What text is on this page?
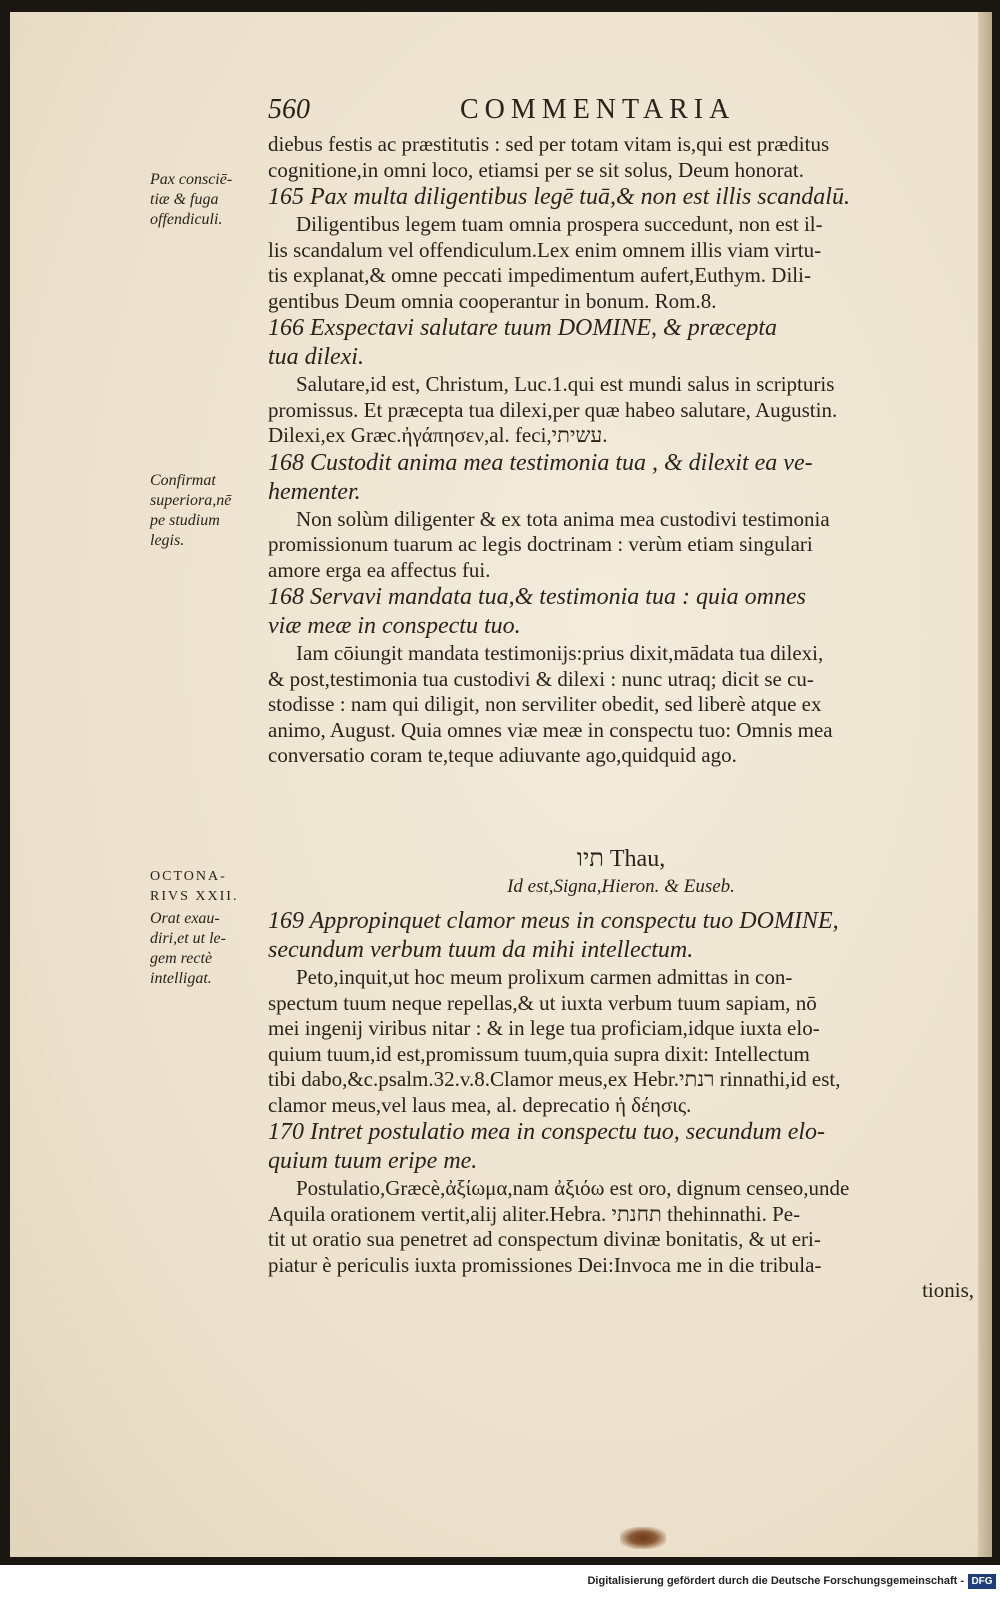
560	COMMENTARIA
Pax consciē-
tiæ & fuga
offendiculi.
Confirmat
superiora,nē
pe studium
legis.
OCTONA-
RIVS XXII.
Orat exau-
diri,et ut le-
gem rectè
intelligat.
diebus festis ac præstitutis : sed per totam vitam is,qui est præditus
cognitione,in omni loco, etiamsi per se sit solus, Deum honorat.
165 Pax multa diligentibus legē tuā,& non est illis scandalū.
Diligentibus legem tuam omnia prospera succedunt, non est il-
lis scandalum vel offendiculum.Lex enim omnem illis viam virtu-
tis explanat,& omne peccati impedimentum aufert,Euthym. Dili-
gentibus Deum omnia cooperantur in bonum. Rom.8.
166 Exspectavi salutare tuum DOMINE, & præcepta
tua dilexi.
Salutare,id est, Christum, Luc.1.qui est mundi salus in scripturis
promissus. Et præcepta tua dilexi,per quæ habeo salutare, Augustin.
Dilexi,ex Græc.ἠγάπησεν,al. feci,עשיתי.
168 Custodit anima mea testimonia tua , & dilexit ea ve-
hementer.
Non solùm diligenter & ex tota anima mea custodivi testimonia
promissionum tuarum ac legis doctrinam : verùm etiam singulari
amore erga ea affectus fui.
168 Servavi mandata tua,& testimonia tua : quia omnes
viæ meæ in conspectu tuo.
Iam cōiungit mandata testimonijs:prius dixit,mādata tua dilexi,
& post,testimonia tua custodivi & dilexi : nunc utraq; dicit se cu-
stodisse : nam qui diligit, non serviliter obedit, sed liberè atque ex
animo, August. Quia omnes viæ meæ in conspectu tuo: Omnis mea
conversatio coram te,teque adiuvante ago,quidquid ago.
תיו Thau,
Id est,Signa,Hieron. & Euseb.
169 Appropinquet clamor meus in conspectu tuo DOMINE,
secundum verbum tuum da mihi intellectum.
Peto,inquit,ut hoc meum prolixum carmen admittas in con-
spectum tuum neque repellas,& ut iuxta verbum tuum sapiam, nō
mei ingenij viribus nitar : & in lege tua proficiam,idque iuxta elo-
quium tuum,id est,promissum tuum,quia supra dixit: Intellectum
tibi dabo,&c.psalm.32.v.8.Clamor meus,ex Hebr.רנתי rinnathi,id est,
clamor meus,vel laus mea, al. deprecatio ἡ δέησις.
170 Intret postulatio mea in conspectu tuo, secundum elo-
quium tuum eripe me.
Postulatio,Græcè,ἀξίωμα,nam ἀξιόω est oro, dignum censeo,unde
Aquila orationem vertit,alij aliter.Hebra. תחנתי thehinnathi. Pe-
tit ut oratio sua penetret ad conspectum divinæ bonitatis, & ut eri-
piatur è periculis iuxta promissiones Dei:Invoca me in die tribula-
tionis,
Digitalisierung gefördert durch die Deutsche Forschungsgemeinschaft - DFG
